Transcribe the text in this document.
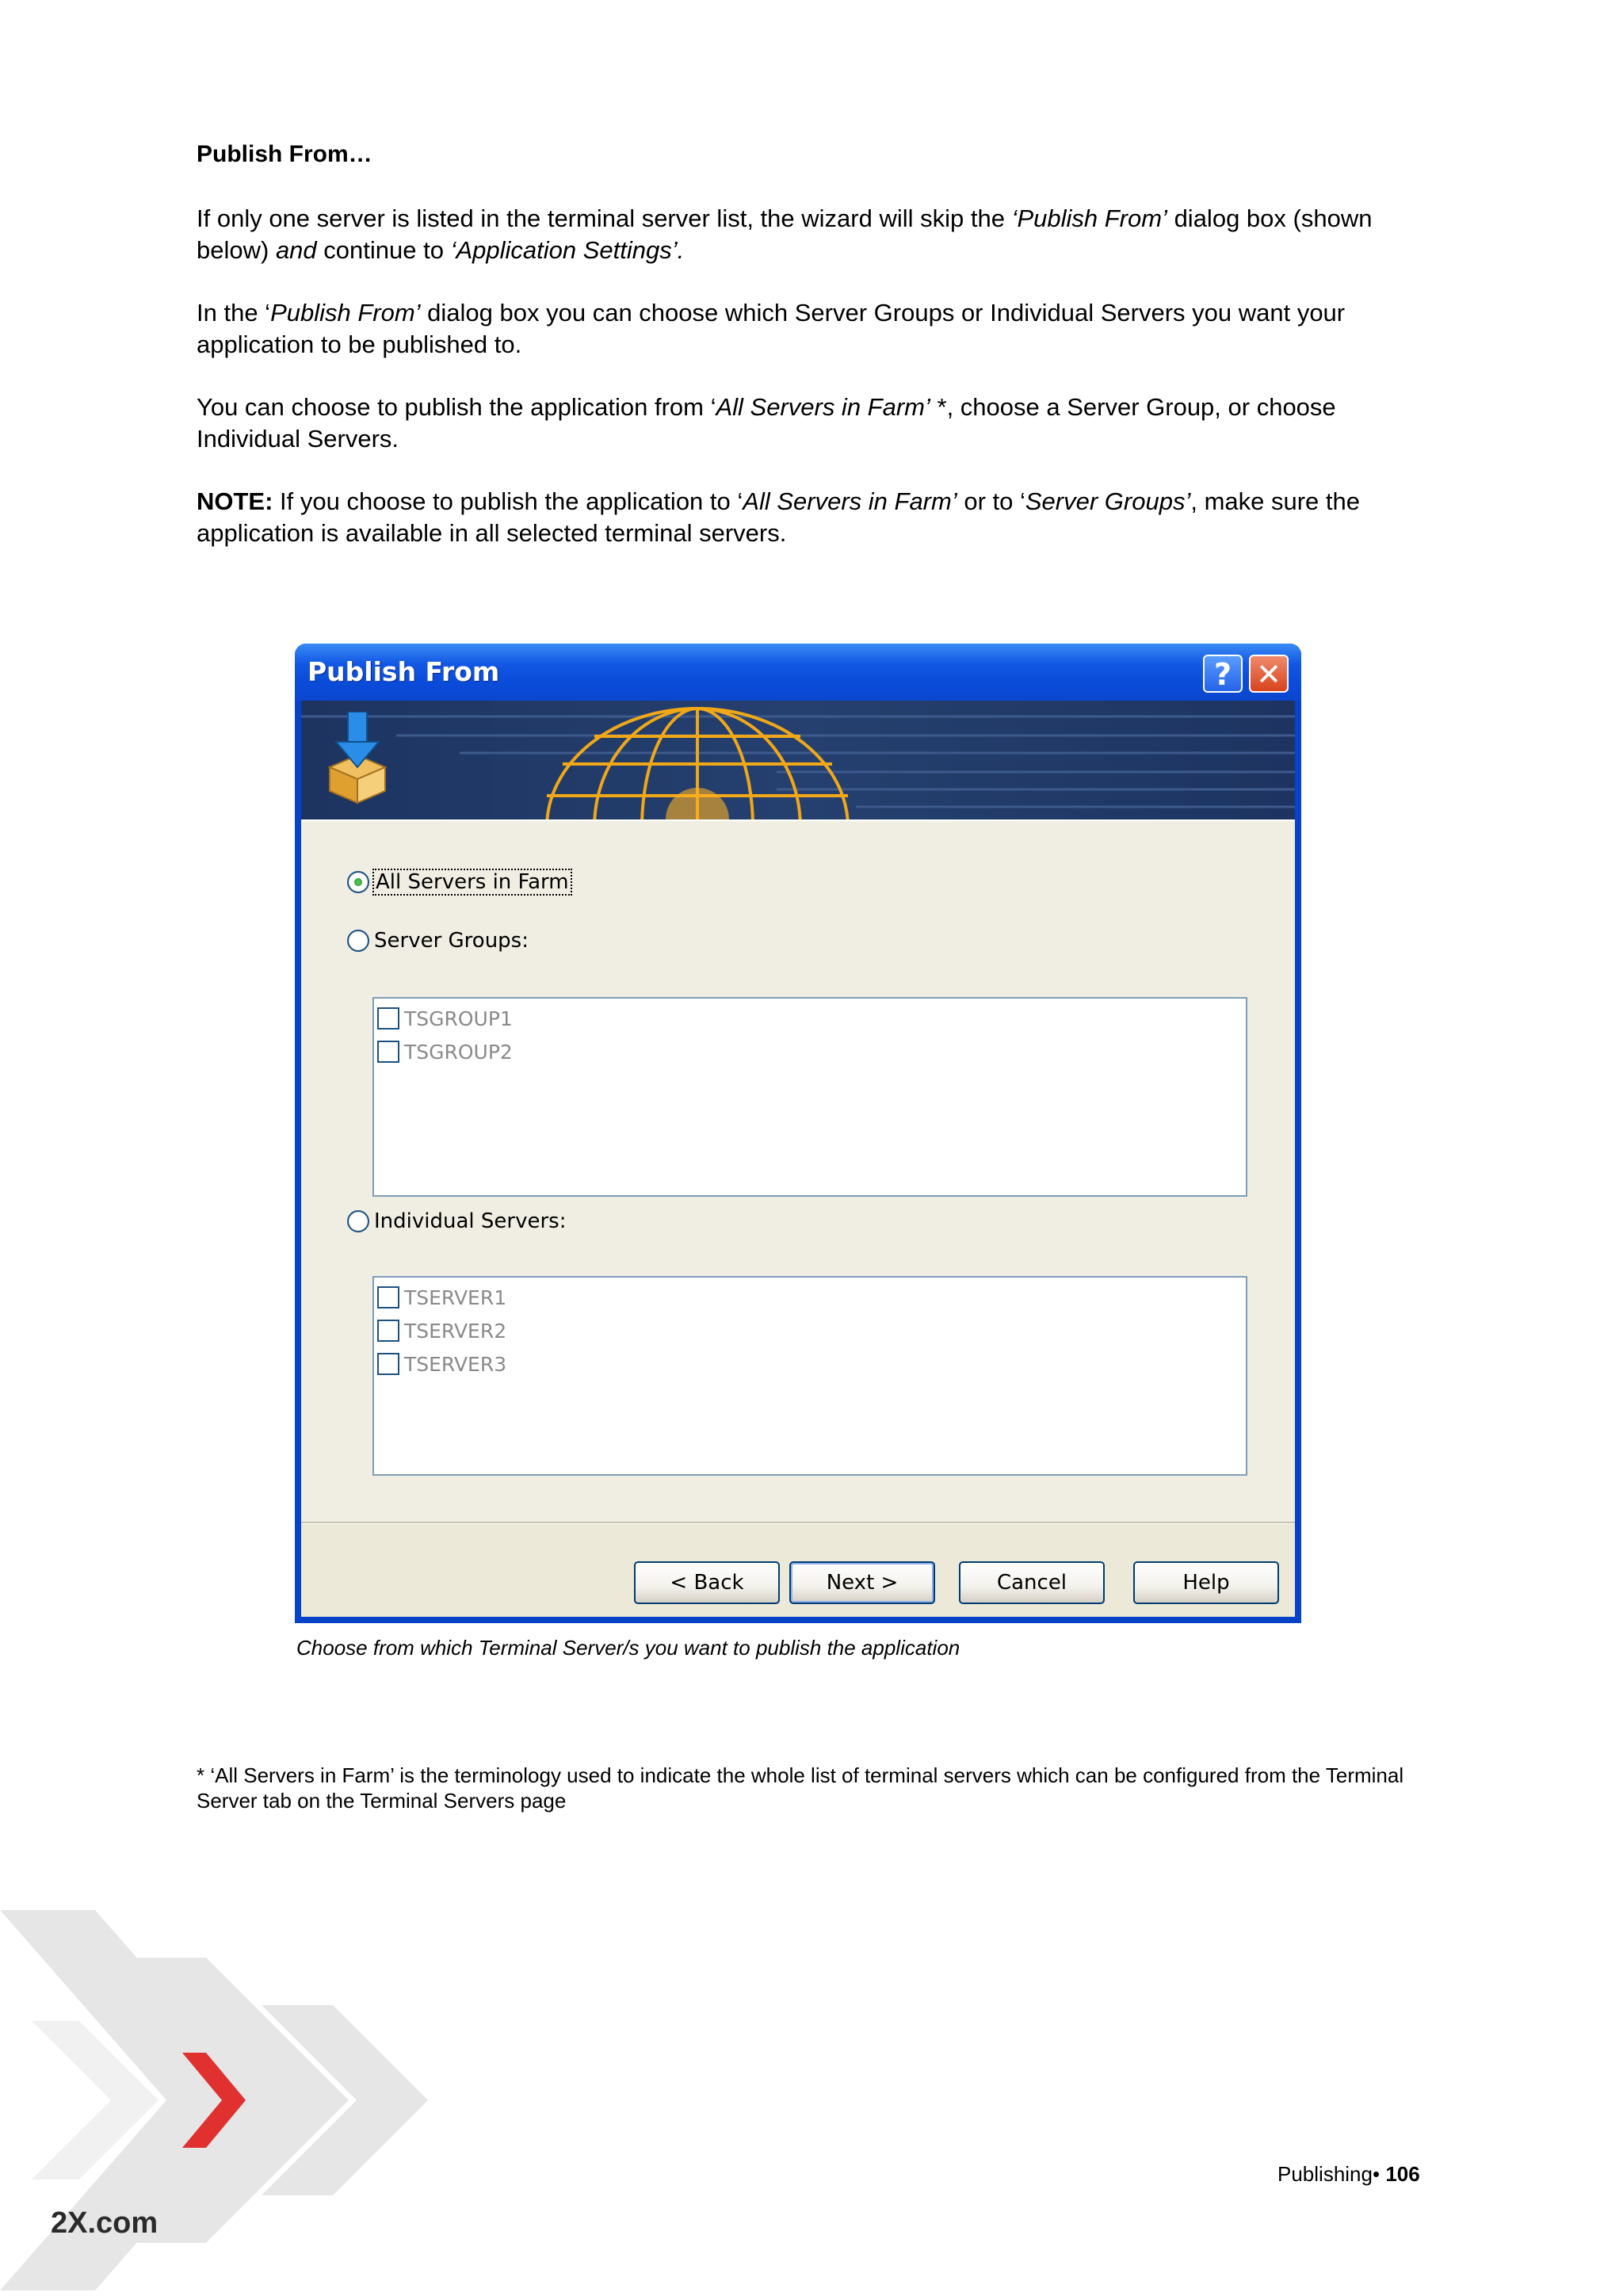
Publish From…
If only one server is listed in the terminal server list, the wizard will skip the ‘Publish From’ dialog box (shown below) and continue to ‘Application Settings’.
In the ‘Publish From’ dialog box you can choose which Server Groups or Individual Servers you want your application to be published to.
You can choose to publish the application from ‘All Servers in Farm’ *, choose a Server Group, or choose Individual Servers.
NOTE: If you choose to publish the application to ‘All Servers in Farm’ or to ‘Server Groups’, make sure the application is available in all selected terminal servers.
Publish From	? ✕
All Servers in Farm
Server Groups:
TSGROUP1
TSGROUP2
Individual Servers:
TSERVER1
TSERVER2
TSERVER3
< Back	Next >	Cancel	Help
Choose from which Terminal Server/s you want to publish the application
* ‘All Servers in Farm’ is the terminology used to indicate the whole list of terminal servers which can be configured from the Terminal Server tab on the Terminal Servers page
Publishing• 106
2X.com
